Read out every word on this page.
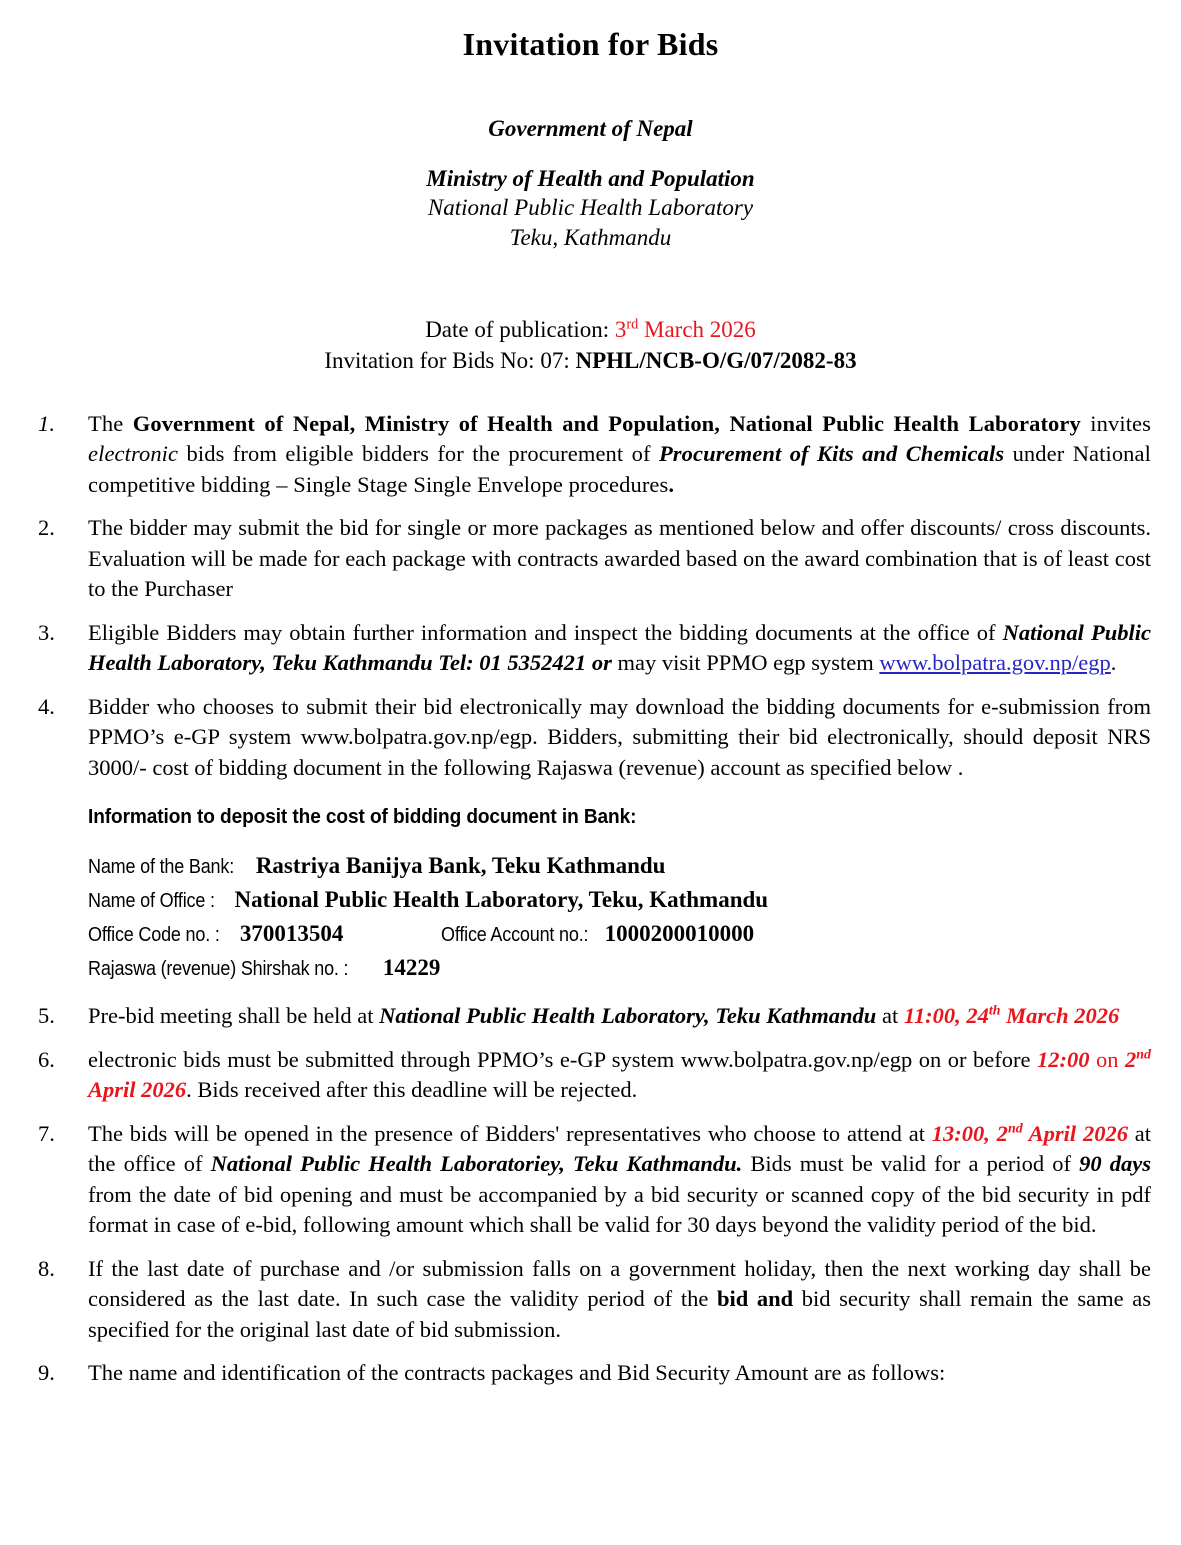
Invitation for Bids
Government of Nepal
Ministry of Health and Population
National Public Health Laboratory
Teku, Kathmandu
Date of publication: 3rd March 2026
Invitation for Bids No: 07: NPHL/NCB-O/G/07/2082-83
1.	The Government of Nepal, Ministry of Health and Population, National Public Health Laboratory invites electronic bids from eligible bidders for the procurement of Procurement of Kits and Chemicals under National competitive bidding – Single Stage Single Envelope procedures.
2.	The bidder may submit the bid for single or more packages as mentioned below and offer discounts/ cross discounts. Evaluation will be made for each package with contracts awarded based on the award combination that is of least cost to the Purchaser
3.	Eligible Bidders may obtain further information and inspect the bidding documents at the office of National Public Health Laboratory, Teku Kathmandu Tel: 01 5352421 or may visit PPMO egp system www.bolpatra.gov.np/egp.
4.	Bidder who chooses to submit their bid electronically may download the bidding documents for e-submission from PPMO’s e-GP system www.bolpatra.gov.np/egp. Bidders, submitting their bid electronically, should deposit NRS 3000/- cost of bidding document in the following Rajaswa (revenue) account as specified below .
Information to deposit the cost of bidding document in Bank:
Name of the Bank: Rastriya Banijya Bank, Teku Kathmandu
Name of Office : National Public Health Laboratory, Teku, Kathmandu
Office Code no. : 370013504	Office Account no.: 1000200010000
Rajaswa (revenue) Shirshak no. : 14229
5.	Pre-bid meeting shall be held at National Public Health Laboratory, Teku Kathmandu at 11:00, 24th March 2026
6.	electronic bids must be submitted through PPMO’s e-GP system www.bolpatra.gov.np/egp on or before 12:00 on 2nd April 2026. Bids received after this deadline will be rejected.
7.	The bids will be opened in the presence of Bidders' representatives who choose to attend at 13:00, 2nd April 2026 at the office of National Public Health Laboratoriey, Teku Kathmandu. Bids must be valid for a period of 90 days from the date of bid opening and must be accompanied by a bid security or scanned copy of the bid security in pdf format in case of e-bid, following amount which shall be valid for 30 days beyond the validity period of the bid.
8.	If the last date of purchase and /or submission falls on a government holiday, then the next working day shall be considered as the last date. In such case the validity period of the bid and bid security shall remain the same as specified for the original last date of bid submission.
9.	The name and identification of the contracts packages and Bid Security Amount are as follows:
